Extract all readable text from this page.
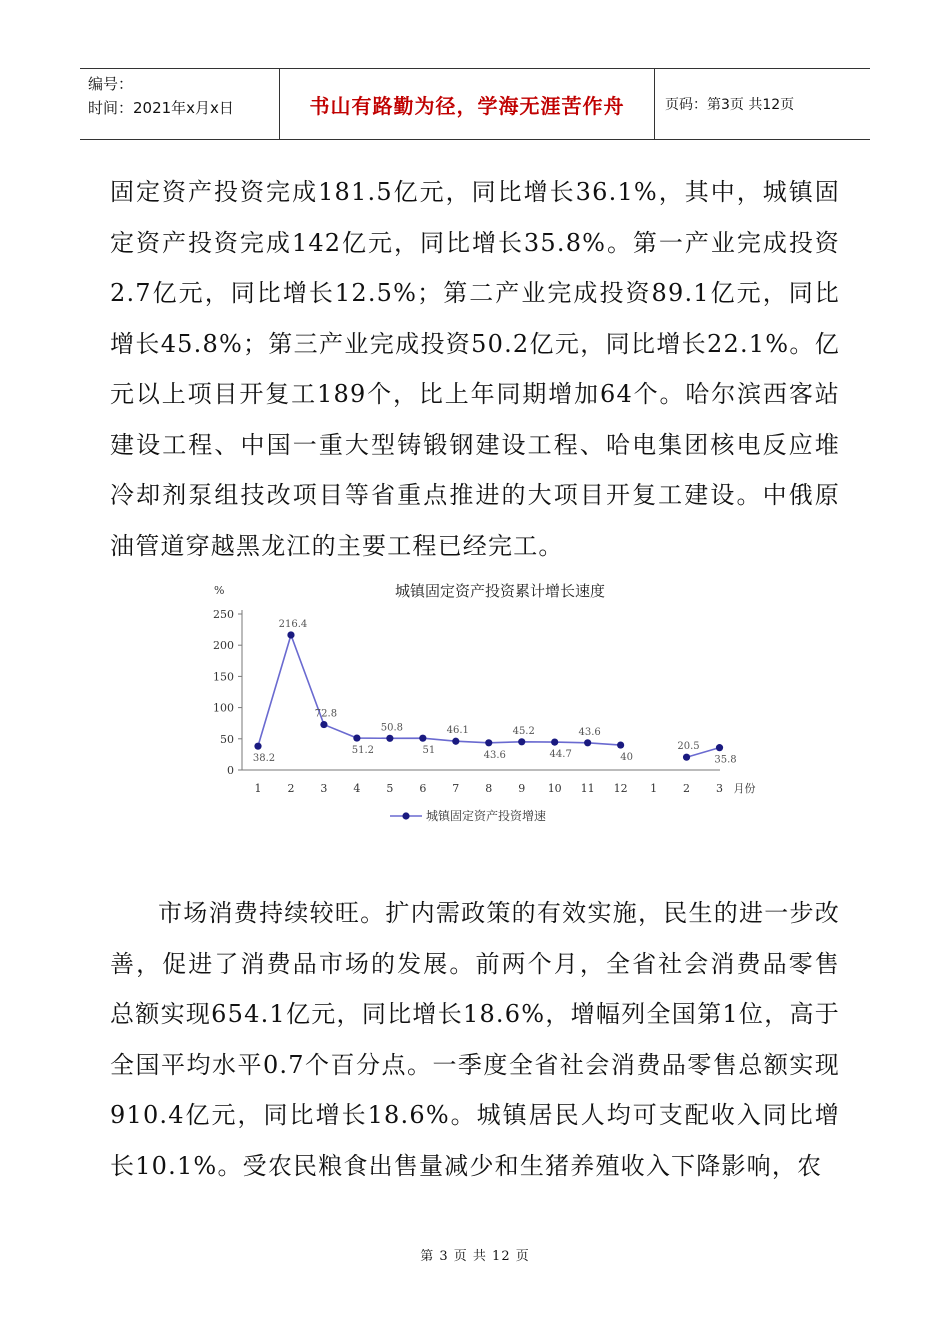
编号：
时间：2021年x月x日	书山有路勤为径，学海无涯苦作舟	页码：第3页 共12页
固定资产投资完成181.5亿元，同比增长36.1%，其中，城镇固定资产投资完成142亿元，同比增长35.8%。第一产业完成投资2.7亿元，同比增长12.5%；第二产业完成投资89.1亿元，同比增长45.8%；第三产业完成投资50.2亿元，同比增长22.1%。亿元以上项目开复工189个，比上年同期增加64个。哈尔滨西客站建设工程、中国一重大型铸锻钢建设工程、哈电集团核电反应堆冷却剂泵组技改项目等省重点推进的大项目开复工建设。中俄原油管道穿越黑龙江的主要工程已经完工。
城镇固定资产投资累计增长速度
%
0
50
100
150
200
250
1 2 3 4 5 6 7 8 9 10 11 12 1 2 3 月份
38.2
216.4
72.8
51.2
50.8
51
46.1
43.6
45.2
44.7
43.6
40
20.5
35.8
城镇固定资产投资增速
市场消费持续较旺。扩内需政策的有效实施，民生的进一步改善，促进了消费品市场的发展。前两个月，全省社会消费品零售总额实现654.1亿元，同比增长18.6%，增幅列全国第1位，高于全国平均水平0.7个百分点。一季度全省社会消费品零售总额实现910.4亿元，同比增长18.6%。城镇居民人均可支配收入同比增长10.1%。受农民粮食出售量减少和生猪养殖收入下降影响，农
第 3 页 共 12 页
